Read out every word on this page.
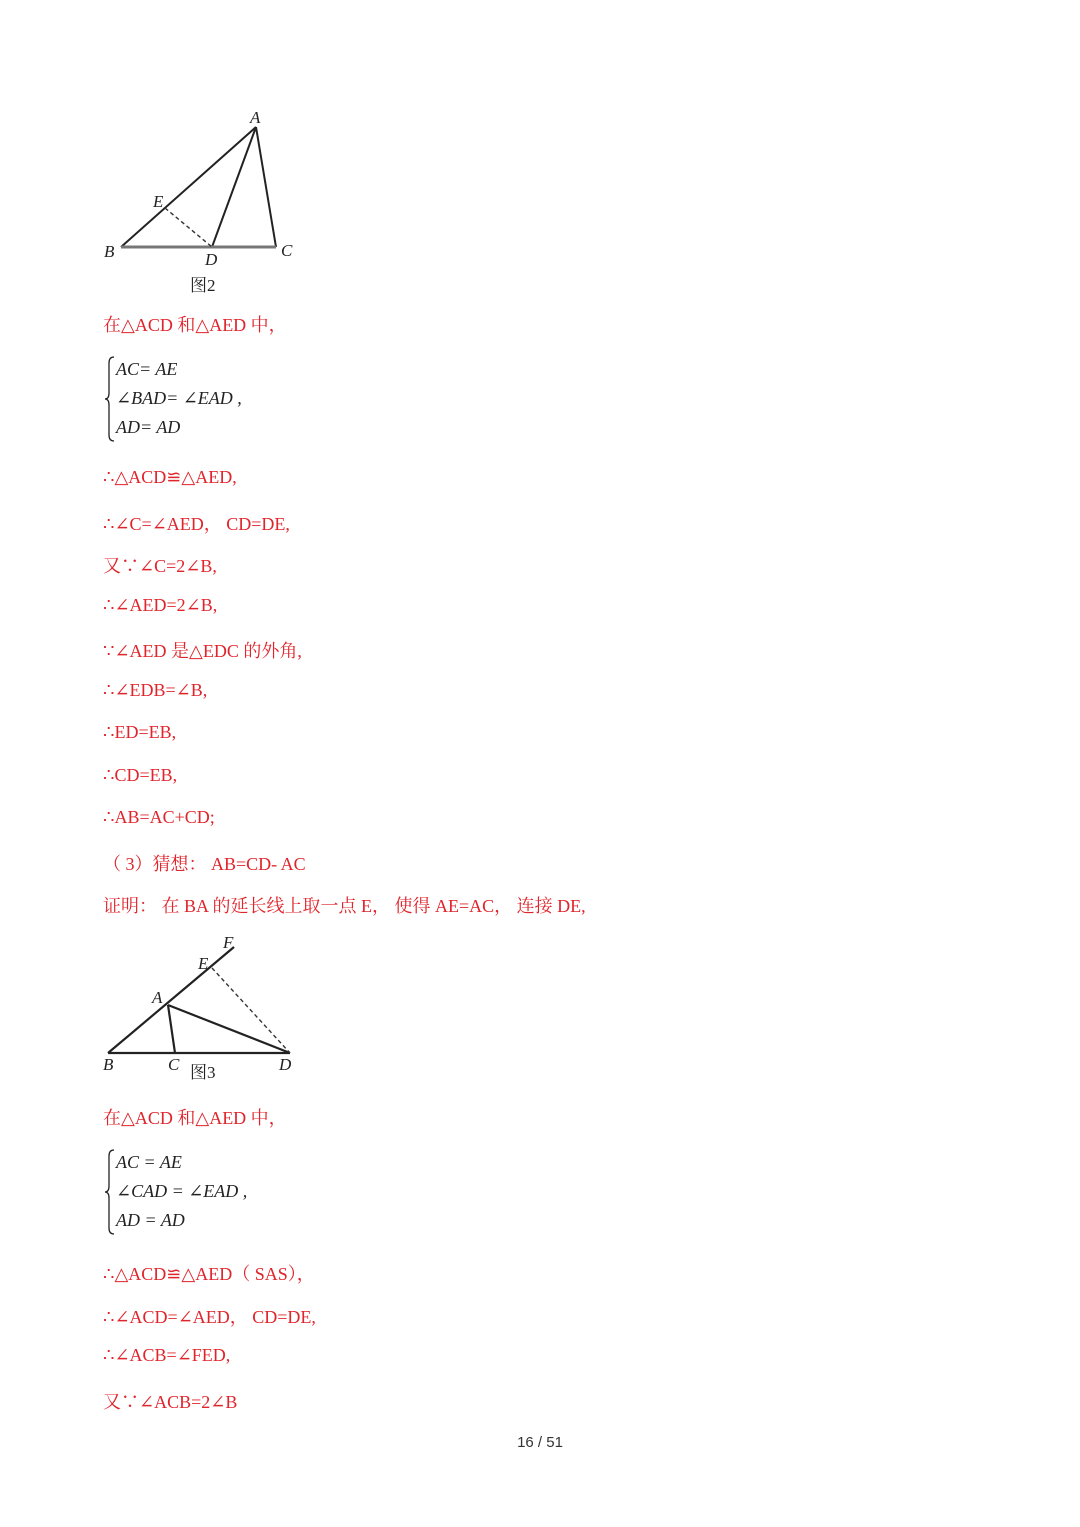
A
B	C
D
E
图2
在△ACD 和△AED 中，
AC= AE
∠BAD= ∠EAD ,
AD= AD
∴△ACD≌△AED,
∴∠C=∠AED， CD=DE,
又∵∠C=2∠B,
∴∠AED=2∠B,
∵∠AED 是△EDC 的外角,
∴∠EDB=∠B,
∴ED=EB,
∴CD=EB,
∴AB=AC+CD;
（ 3）猜想： AB=CD- AC
证明： 在 BA 的延长线上取一点 E， 使得 AE=AC， 连接 DE,
F
E
A
B	C	D
图3
在△ACD 和△AED 中，
AC = AE
∠CAD = ∠EAD ,
AD = AD
∴△ACD≌△AED（ SAS），
∴∠ACD=∠AED， CD=DE,
∴∠ACB=∠FED,
又∵∠ACB=2∠B
16 / 51
